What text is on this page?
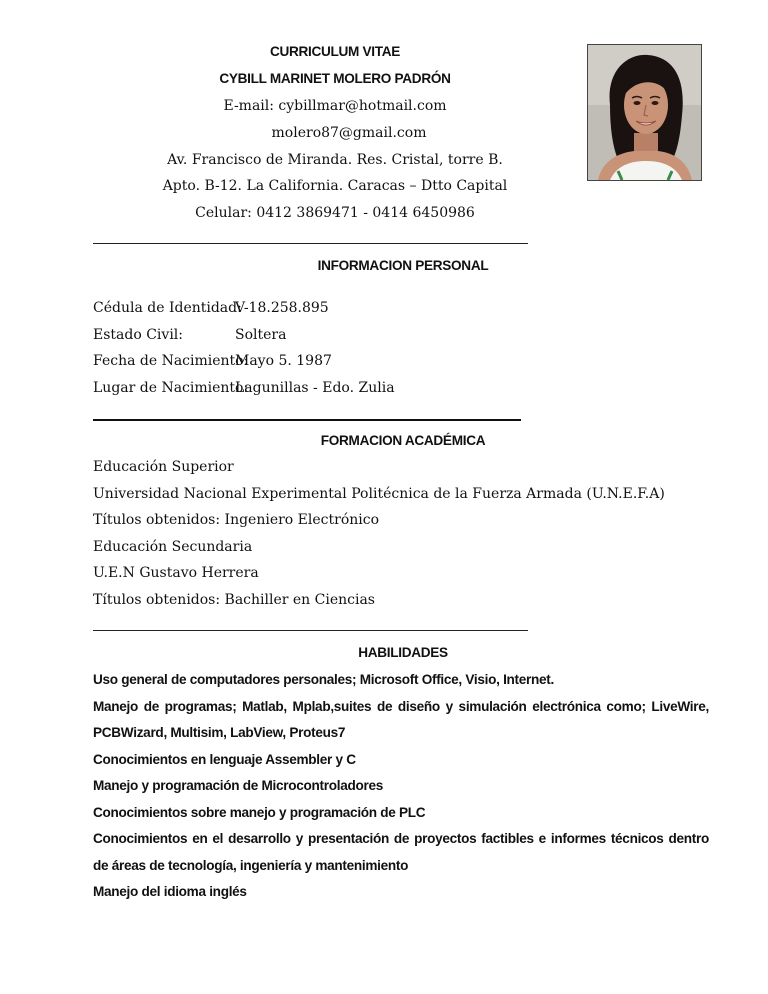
CURRICULUM VITAE
CYBILL MARINET MOLERO PADRÓN
E-mail: cybillmar@hotmail.com
molero87@gmail.com
Av. Francisco de Miranda. Res. Cristal, torre B.
Apto. B-12. La California. Caracas – Dtto Capital
Celular: 0412 3869471 - 0414 6450986
INFORMACION PERSONAL
Cédula de Identidad:V-18.258.895
Estado Civil:	Soltera
Fecha de Nacimiento:Mayo 5. 1987
Lugar de Nacimiento:Lagunillas - Edo. Zulia
FORMACION ACADÉMICA
Educación Superior
Universidad Nacional Experimental Politécnica de la Fuerza Armada (U.N.E.F.A)
Títulos obtenidos: Ingeniero Electrónico
Educación Secundaria
U.E.N Gustavo Herrera
Títulos obtenidos: Bachiller en Ciencias
HABILIDADES
Uso general de computadores personales; Microsoft Office, Visio, Internet.
Manejo de programas; Matlab, Mplab,suites de diseño y simulación electrónica como; LiveWire,
PCBWizard, Multisim, LabView, Proteus7
Conocimientos en lenguaje Assembler y C
Manejo y programación de Microcontroladores
Conocimientos sobre manejo y programación de PLC
Conocimientos en el desarrollo y presentación de proyectos factibles e informes técnicos dentro
de áreas de tecnología, ingeniería y mantenimiento
Manejo del idioma inglés
